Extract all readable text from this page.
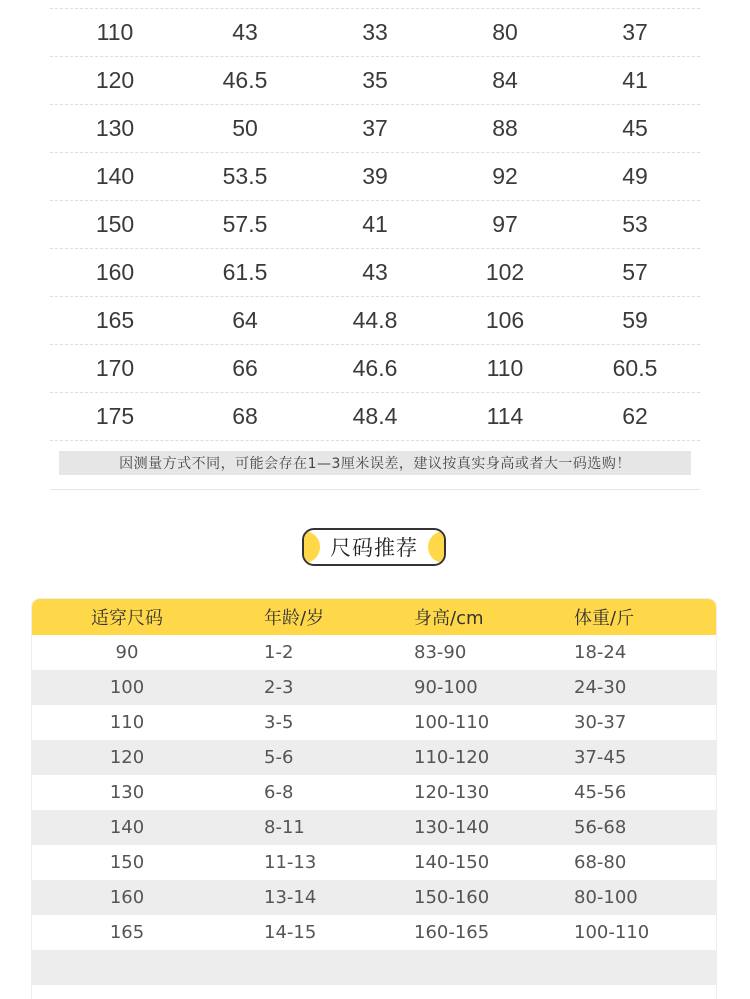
110	43	33	80	37
120	46.5	35	84	41
130	50	37	88	45
140	53.5	39	92	49
150	57.5	41	97	53
160	61.5	43	102	57
165	64	44.8	106	59
170	66	46.6	110	60.5
175	68	48.4	114	62
因测量方式不同，可能会存在1—3厘米误差，建议按真实身高或者大一码选购！
尺码推荐
适穿尺码	年龄/岁	身高/cm	体重/斤
90	1-2	83-90	18-24
100	2-3	90-100	24-30
110	3-5	100-110	30-37
120	5-6	110-120	37-45
130	6-8	120-130	45-56
140	8-11	130-140	56-68
150	11-13	140-150	68-80
160	13-14	150-160	80-100
165	14-15	160-165	100-110
